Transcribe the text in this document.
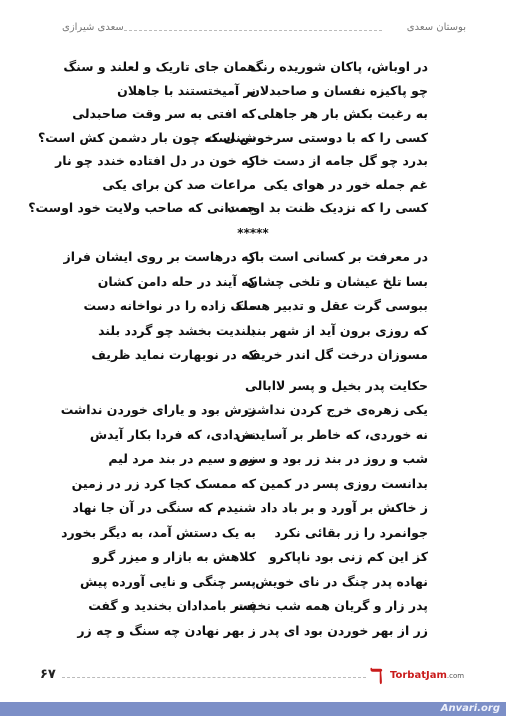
بوستان سعدی
سعدی شیرازی
در اوباش، پاکان شوریده رنگ
همان جای تاریک و لعلند و سنگ
چو پاکیزه نفسان و صاحبدلان
بر آمیختستند با جاهلان
به رغبت بکش بار هر جاهلی
که افتی به سر وقت صاحبدلی
کسی را که با دوستی سرخوش است
نبینی که چون بار دشمن کش است؟
بدرد چو گل جامه از دست خار
که خون در دل افتاده خندد چو نار
غم جمله خور در هوای یکی
مراعات صد کن برای یکی
کسی را که نزدیک ظنت بد اوست
چه دانی که صاحب ولایت خود اوست؟
*****
در معرفت بر کسانی است باز
که درهاست بر روی ایشان فراز
بسا تلخ عیشان و تلخی چشان
که آیند در حله دامن کشان
ببوسی گرت عقل و تدبیر هست
ملک زاده را در نواخانه دست
که روزی برون آید از شهر بند
بلندیت بخشد چو گردد بلند
مسوزان درخت گل اندر خریف
که در نوبهارت نماید ظریف
حکایت پدر بخیل و پسر لاابالی
یکی زهره‌ی خرج کردن نداشت
زرش بود و یارای خوردن نداشت
نه خوردی، که خاطر بر آسایدش
نه دادی، که فردا بکار آیدش
شب و روز در بند زر بود و سیم
زر و سیم در بند مرد لیم
بدانست روزی پسر در کمین
که ممسک کجا کرد زر در زمین
ز خاکش بر آورد و بر باد داد
شنیدم که سنگی در آن جا نهاد
جوانمرد را زر بقائی نکرد
به یک دستش آمد، به دیگر بخورد
کز این کم زنی بود ناپاکرو
کلاهش به بازار و میزر گرو
نهاده پدر چنگ در نای خویش
پسر چنگی و نایی آورده پیش
پدر زار و گریان همه شب نخفت
پسر بامدادان بخندید و گفت
زر از بهر خوردن بود ای پدر
ز بهر نهادن چه سنگ و چه زر
۶۷	ℸ TorbatJam.com
Anvari.org
